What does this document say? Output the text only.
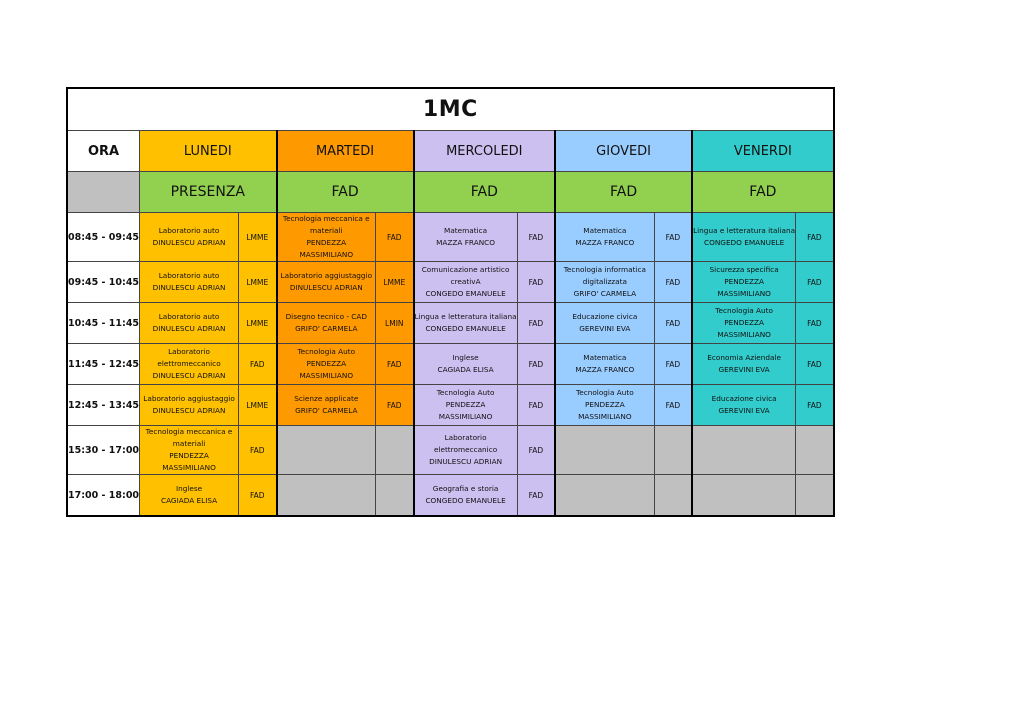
1MC										
ORA	LUNEDI		MARTEDI		MERCOLEDI		GIOVEDI		VENERDI	
	PRESENZA		FAD		FAD		FAD		FAD	
08:45 - 09:45	Laboratorio auto
DINULESCU ADRIAN	LMME	Tecnologia meccanica e
materiali
PENDEZZA
MASSIMILIANO	FAD	Matematica
MAZZA FRANCO	FAD	Matematica
MAZZA FRANCO	FAD	Lingua e letteratura italiana
CONGEDO EMANUELE	FAD
09:45 - 10:45	Laboratorio auto
DINULESCU ADRIAN	LMME	Laboratorio aggiustaggio
DINULESCU ADRIAN	LMME	Comunicazione artistico
creativA
CONGEDO EMANUELE	FAD	Tecnologia informatica
digitalizzata
GRIFO' CARMELA	FAD	Sicurezza specifica
PENDEZZA
MASSIMILIANO	FAD
10:45 - 11:45	Laboratorio auto
DINULESCU ADRIAN	LMME	Disegno tecnico - CAD
GRIFO' CARMELA	LMIN	Lingua e letteratura italiana
CONGEDO EMANUELE	FAD	Educazione civica
GEREVINI EVA	FAD	Tecnologia Auto
PENDEZZA
MASSIMILIANO	FAD
11:45 - 12:45	Laboratorio
elettromeccanico
DINULESCU ADRIAN	FAD	Tecnologia Auto
PENDEZZA
MASSIMILIANO	FAD	Inglese
CAGIADA ELISA	FAD	Matematica
MAZZA FRANCO	FAD	Economia Aziendale
GEREVINI EVA	FAD
12:45 - 13:45	Laboratorio aggiustaggio
DINULESCU ADRIAN	LMME	Scienze applicate
GRIFO' CARMELA	FAD	Tecnologia Auto
PENDEZZA
MASSIMILIANO	FAD	Tecnologia Auto
PENDEZZA
MASSIMILIANO	FAD	Educazione civica
GEREVINI EVA	FAD
15:30 - 17:00	Tecnologia meccanica e
materiali
PENDEZZA
MASSIMILIANO	FAD			Laboratorio
elettromeccanico
DINULESCU ADRIAN	FAD				
17:00 - 18:00	Inglese
CAGIADA ELISA	FAD			Geografia e storia
CONGEDO EMANUELE	FAD				
